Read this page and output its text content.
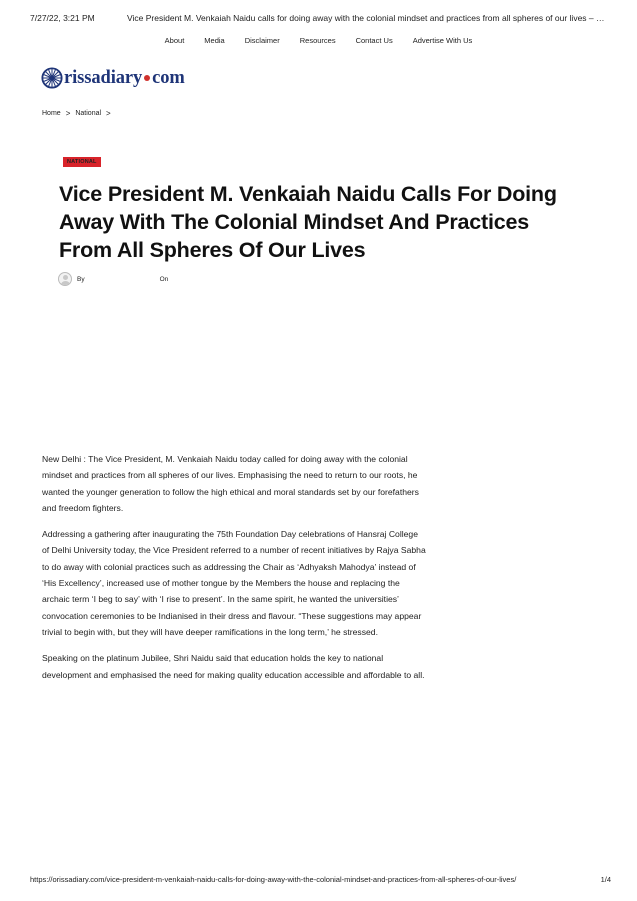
7/27/22, 3:21 PM	Vice President M. Venkaiah Naidu calls for doing away with the colonial mindset and practices from all spheres of our lives – …
About	Media	Disclaimer	Resources	Contact Us	Advertise With Us
rissadiary com
Home > National >
NATIONAL
Vice President M. Venkaiah Naidu Calls For Doing Away With The Colonial Mindset And Practices From All Spheres Of Our Lives
By	On

New Delhi : The Vice President, M. Venkaiah Naidu today called for doing away with the colonial mindset and practices from all spheres of our lives. Emphasising the need to return to our roots, he wanted the younger generation to follow the high ethical and moral standards set by our forefathers and freedom fighters.

Addressing a gathering after inaugurating the 75th Foundation Day celebrations of Hansraj College of Delhi University today, the Vice President referred to a number of recent initiatives by Rajya Sabha to do away with colonial practices such as addressing the Chair as ‘Adhyaksh Mahodya’ instead of ‘His Excellency’, increased use of mother tongue by the Members the house and replacing the archaic term ‘I beg to say’ with ‘I rise to present’. In the same spirit, he wanted the universities’ convocation ceremonies to be Indianised in their dress and flavour. “These suggestions may appear trivial to begin with, but they will have deeper ramifications in the long term,’ he stressed.

Speaking on the platinum Jubilee, Shri Naidu said that education holds the key to national development and emphasised the need for making quality education accessible and affordable to all.

https://orissadiary.com/vice-president-m-venkaiah-naidu-calls-for-doing-away-with-the-colonial-mindset-and-practices-from-all-spheres-of-our-lives/	1/4
